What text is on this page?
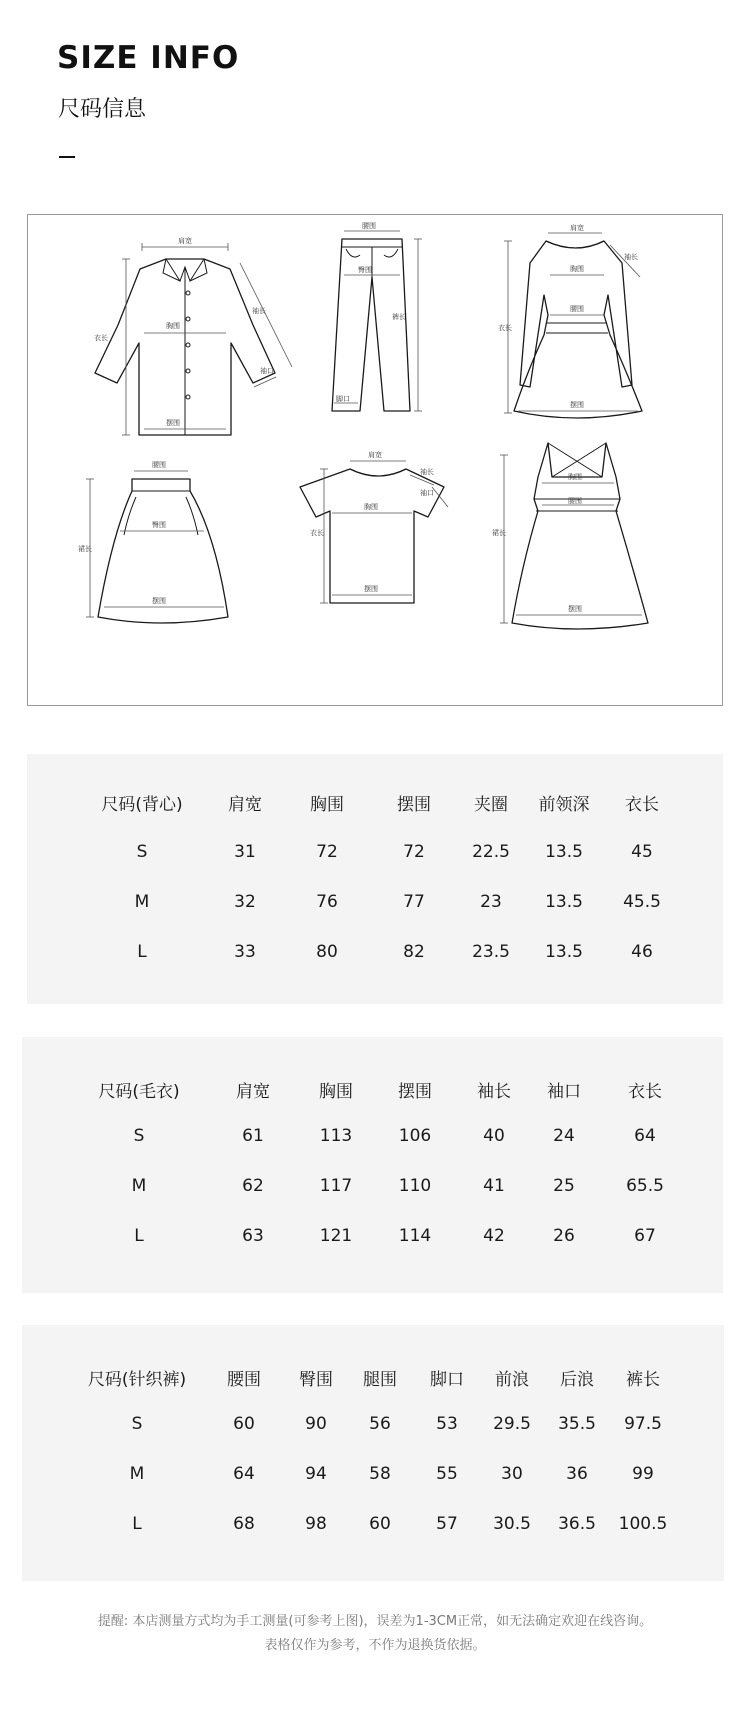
SIZE INFO
尺码信息
肩宽
胸围
袖长
衣长
摆围
袖口
腰围
臀围
裤长
脚口
肩宽
胸围
腰围
衣长
摆围
袖长
腰围
臀围
裙长
摆围
肩宽
袖长
袖口
胸围
衣长
摆围
胸围
腰围
裙长
摆围
尺码(背心)	肩宽	胸围	摆围	夹圈 前领深 衣长
S	31	72	72	22.5 13.5	45
M	32	76	77	23	13.5 45.5
L	33	80	82	23.5 13.5	46
尺码(毛衣)	肩宽	胸围	摆围	袖长 袖口	衣长
S	61	113	106	40	24	64
M	62	117	110	41	25	65.5
L	63	121	114	42	26	67
尺码(针织裤) 腰围 臀围 腿围 脚口 前浪 后浪 裤长
S	60	90 56	53 29.5 35.5 97.5
M	64	94 58	55	30	36	99
L	68	98 60	57 30.5 36.5 100.5
提醒: 本店测量方式均为手工测量(可参考上图)，误差为1-3CM正常，如无法确定欢迎在线咨询。
表格仅作为参考，不作为退换货依据。
